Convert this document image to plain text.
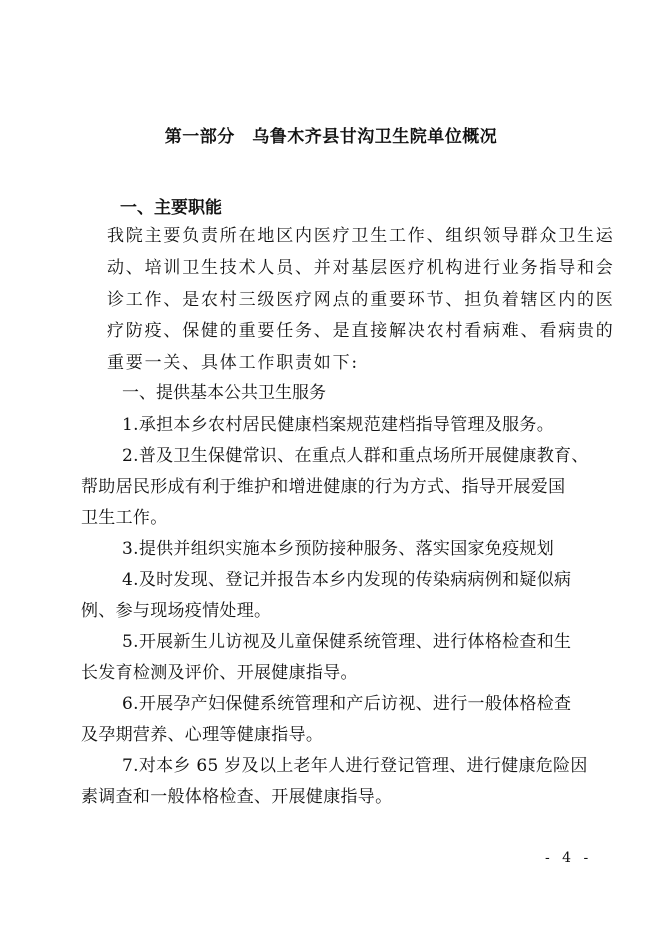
第一部分　乌鲁木齐县甘沟卫生院单位概况
一、主要职能
我院主要负责所在地区内医疗卫生工作、组织领导群众卫生运
动、培训卫生技术人员、并对基层医疗机构进行业务指导和会
诊工作、是农村三级医疗网点的重要环节、担负着辖区内的医
疗防疫、保健的重要任务、是直接解决农村看病难、看病贵的
重要一关、具体工作职责如下:
一、提供基本公共卫生服务
1.承担本乡农村居民健康档案规范建档指导管理及服务。
2.普及卫生保健常识、在重点人群和重点场所开展健康教育、
帮助居民形成有利于维护和增进健康的行为方式、指导开展爱国
卫生工作。
3.提供并组织实施本乡预防接种服务、落实国家免疫规划
4.及时发现、登记并报告本乡内发现的传染病病例和疑似病
例、参与现场疫情处理。
5.开展新生儿访视及儿童保健系统管理、进行体格检查和生
长发育检测及评价、开展健康指导。
6.开展孕产妇保健系统管理和产后访视、进行一般体格检查
及孕期营养、心理等健康指导。
7.对本乡 65 岁及以上老年人进行登记管理、进行健康危险因
素调查和一般体格检查、开展健康指导。
- 4 -
